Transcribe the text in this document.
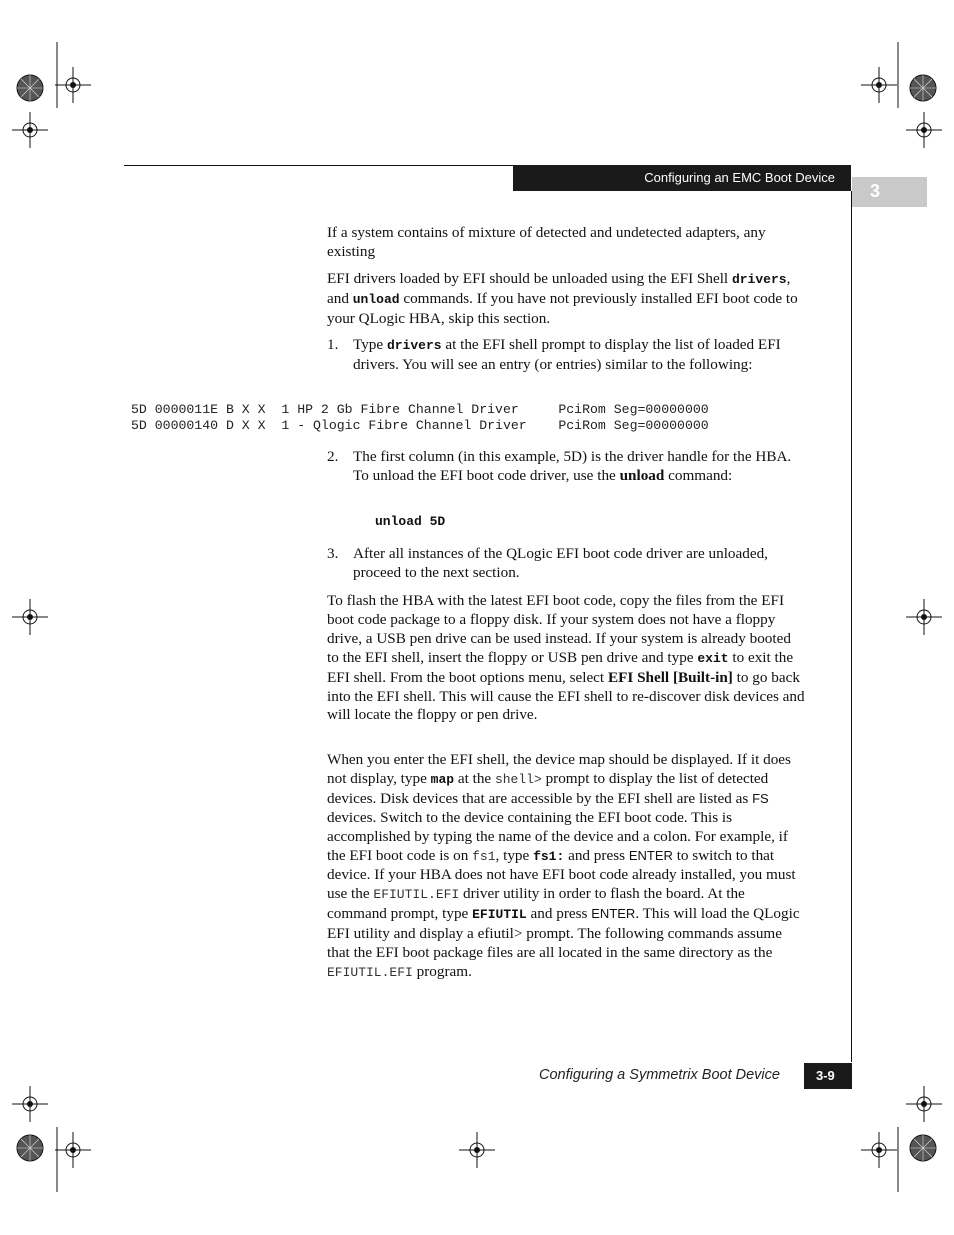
Configuring an EMC Boot Device
3

If a system contains of mixture of detected and undetected adapters, any existing

EFI drivers loaded by EFI should be unloaded using the EFI Shell drivers, and unload commands. If you have not previously installed EFI boot code to your QLogic HBA, skip this section.

1. Type drivers at the EFI shell prompt to display the list of loaded EFI drivers. You will see an entry (or entries) similar to the following:
5D 0000011E B X X  1 HP 2 Gb Fibre Channel Driver     PciRom Seg=00000000
5D 00000140 D X X  1 - Qlogic Fibre Channel Driver    PciRom Seg=00000000
2. The first column (in this example, 5D) is the driver handle for the HBA. To unload the EFI boot code driver, use the unload command:
unload 5D
3. After all instances of the QLogic EFI boot code driver are unloaded, proceed to the next section.

To flash the HBA with the latest EFI boot code, copy the files from the EFI boot code package to a floppy disk. If your system does not have a floppy drive, a USB pen drive can be used instead. If your system is already booted to the EFI shell, insert the floppy or USB pen drive and type exit to exit the EFI shell. From the boot options menu, select EFI Shell [Built-in] to go back into the EFI shell. This will cause the EFI shell to re-discover disk devices and will locate the floppy or pen drive.

When you enter the EFI shell, the device map should be displayed. If it does not display, type map at the shell> prompt to display the list of detected devices. Disk devices that are accessible by the EFI shell are listed as FS devices. Switch to the device containing the EFI boot code. This is accomplished by typing the name of the device and a colon. For example, if the EFI boot code is on fs1, type fs1: and press ENTER to switch to that device. If your HBA does not have EFI boot code already installed, you must use the EFIUTIL.EFI driver utility in order to flash the board. At the command prompt, type EFIUTIL and press ENTER. This will load the QLogic EFI utility and display a efiutil> prompt. The following commands assume that the EFI boot package files are all located in the same directory as the EFIUTIL.EFI program.

Configuring a Symmetrix Boot Device	3-9
